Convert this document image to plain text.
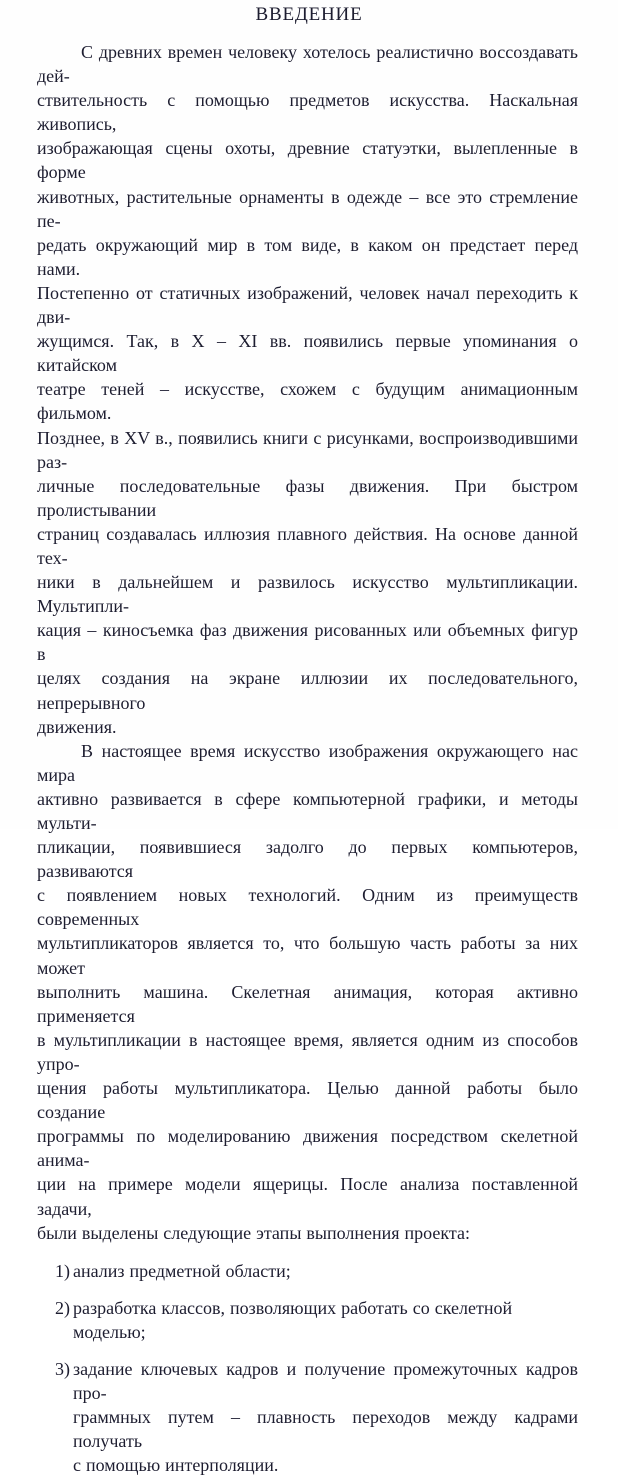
ВВЕДЕНИЕ
С древних времен человеку хотелось реалистично воссоздавать дей-
ствительность с помощью предметов искусства. Наскальная живопись,
изображающая сцены охоты, древние статуэтки, вылепленные в форме
животных, растительные орнаменты в одежде – все это стремление пе-
редать окружающий мир в том виде, в каком он предстает перед нами.
Постепенно от статичных изображений, человек начал переходить к дви-
жущимся. Так, в X – XI вв. появились первые упоминания о китайском
театре теней – искусстве, схожем с будущим анимационным фильмом.
Позднее, в XV в., появились книги с рисунками, воспроизводившими раз-
личные последовательные фазы движения. При быстром пролистывании
страниц создавалась иллюзия плавного действия. На основе данной тех-
ники в дальнейшем и развилось искусство мультипликации. Мультипли-
кация – киносъемка фаз движения рисованных или объемных фигур в
целях создания на экране иллюзии их последовательного, непрерывного
движения.
В настоящее время искусство изображения окружающего нас мира
активно развивается в сфере компьютерной графики, и методы мульти-
пликации, появившиеся задолго до первых компьютеров, развиваются
с появлением новых технологий. Одним из преимуществ современных
мультипликаторов является то, что большую часть работы за них может
выполнить машина. Скелетная анимация, которая активно применяется
в мультипликации в настоящее время, является одним из способов упро-
щения работы мультипликатора. Целью данной работы было создание
программы по моделированию движения посредством скелетной анима-
ции на примере модели ящерицы. После анализа поставленной задачи,
были выделены следующие этапы выполнения проекта:
1) анализ предметной области;
2) разработка классов, позволяющих работать со скелетной моделью;
3) задание ключевых кадров и получение промежуточных кадров про-
граммных путем – плавность переходов между кадрами получать
с помощью интерполяции.
